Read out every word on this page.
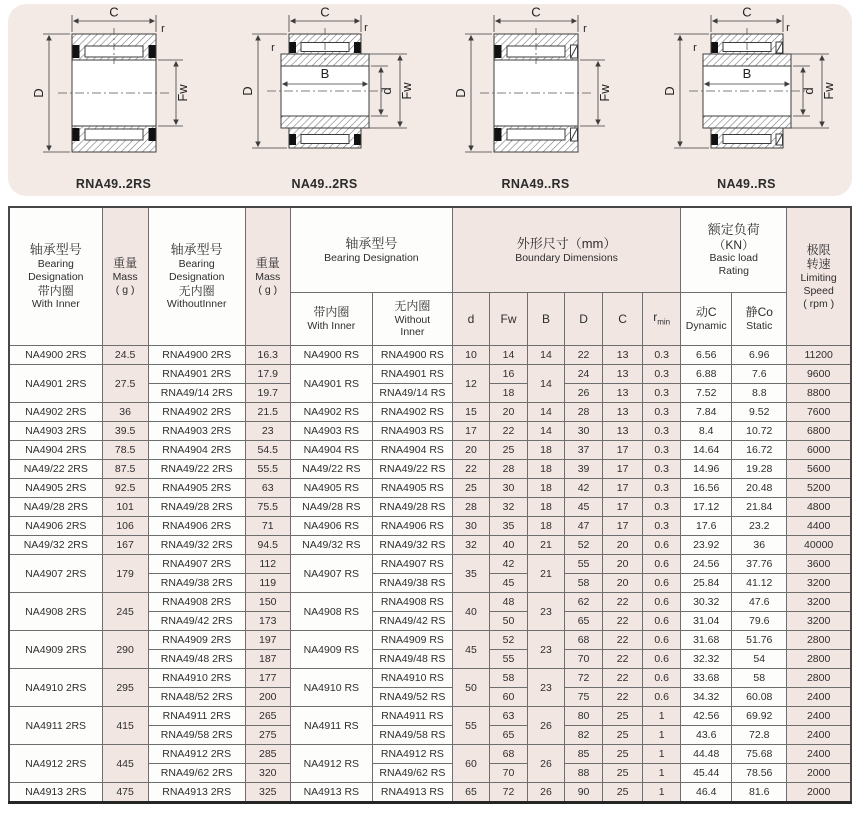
C
D	Fw
r
RNA49..2RS
C
D
B
d Fw
r
r
NA49..2RS
C
D	Fw
r
RNA49..RS
C
D
B
d Fw
r
r
NA49..RS
轴承型号
Bearing
Designation
带内圈
With Inner	重量
Mass
( g )	轴承型号
Bearing
Designation
无内圈
WithoutInner	重量
Mass
( g )	轴承型号
Bearing Designation		外形尺寸（mm）
Boundary Dimensions						额定负荷
（KN）
Basic load
Rating		极限
转速
Limiting
Speed
( rpm )

				带内圈
With Inner	无内圈
Without
Inner	d	Fw	B	D	C	$r_{min}$	动C
Dynamic	静Co
Static	

NA4900 2RS	24.5	RNA4900 2RS	16.3	NA4900 RS	RNA4900 RS	10	14	14	22	13	0.3	6.56	6.96	11200
NA4901 2RS	27.5	RNA4901 2RS	17.9	NA4901 RS	RNA4901 RS	12	16	14	24	13	0.3	6.88	7.6	9600
		RNA49/14 2RS	19.7		RNA49/14 RS		18		26	13	0.3	7.52	8.8	8800
NA4902 2RS	36	RNA4902 2RS	21.5	NA4902 RS	RNA4902 RS	15	20	14	28	13	0.3	7.84	9.52	7600
NA4903 2RS	39.5	RNA4903 2RS	23	NA4903 RS	RNA4903 RS	17	22	14	30	13	0.3	8.4	10.72	6800
NA4904 2RS	78.5	RNA4904 2RS	54.5	NA4904 RS	RNA4904 RS	20	25	18	37	17	0.3	14.64	16.72	6000
NA49/22 2RS	87.5	RNA49/22 2RS	55.5	NA49/22 RS	RNA49/22 RS	22	28	18	39	17	0.3	14.96	19.28	5600
NA4905 2RS	92.5	RNA4905 2RS	63	NA4905 RS	RNA4905 RS	25	30	18	42	17	0.3	16.56	20.48	5200
NA49/28 2RS	101	RNA49/28 2RS	75.5	NA49/28 RS	RNA49/28 RS	28	32	18	45	17	0.3	17.12	21.84	4800
NA4906 2RS	106	RNA4906 2RS	71	NA4906 RS	RNA4906 RS	30	35	18	47	17	0.3	17.6	23.2	4400
NA49/32 2RS	167	RNA49/32 2RS	94.5	NA49/32 RS	RNA49/32 RS	32	40	21	52	20	0.6	23.92	36	40000
NA4907 2RS	179	RNA4907 2RS	112	NA4907 RS	RNA4907 RS	35	42	21	55	20	0.6	24.56	37.76	3600
		RNA49/38 2RS	119		RNA49/38 RS		45		58	20	0.6	25.84	41.12	3200
NA4908 2RS	245	RNA4908 2RS	150	NA4908 RS	RNA4908 RS	40	48	23	62	22	0.6	30.32	47.6	3200
		RNA49/42 2RS	173		RNA49/42 RS		50		65	22	0.6	31.04	79.6	3200
NA4909 2RS	290	RNA4909 2RS	197	NA4909 RS	RNA4909 RS	45	52	23	68	22	0.6	31.68	51.76	2800
		RNA49/48 2RS	187		RNA49/48 RS		55		70	22	0.6	32.32	54	2800
NA4910 2RS	295	RNA4910 2RS	177	NA4910 RS	RNA4910 RS	50	58	23	72	22	0.6	33.68	58	2800
		RNA48/52 2RS	200		RNA49/52 RS		60		75	22	0.6	34.32	60.08	2400
NA4911 2RS	415	RNA4911 2RS	265	NA4911 RS	RNA4911 RS	55	63	26	80	25	1	42.56	69.92	2400
		RNA49/58 2RS	275		RNA49/58 RS		65		82	25	1	43.6	72.8	2400
NA4912 2RS	445	RNA4912 2RS	285	NA4912 RS	RNA4912 RS	60	68	26	85	25	1	44.48	75.68	2400
		RNA49/62 2RS	320		RNA49/62 RS		70		88	25	1	45.44	78.56	2000
NA4913 2RS	475	RNA4913 2RS	325	NA4913 RS	RNA4913 RS	65	72	26	90	25	1	46.4	81.6	2000
